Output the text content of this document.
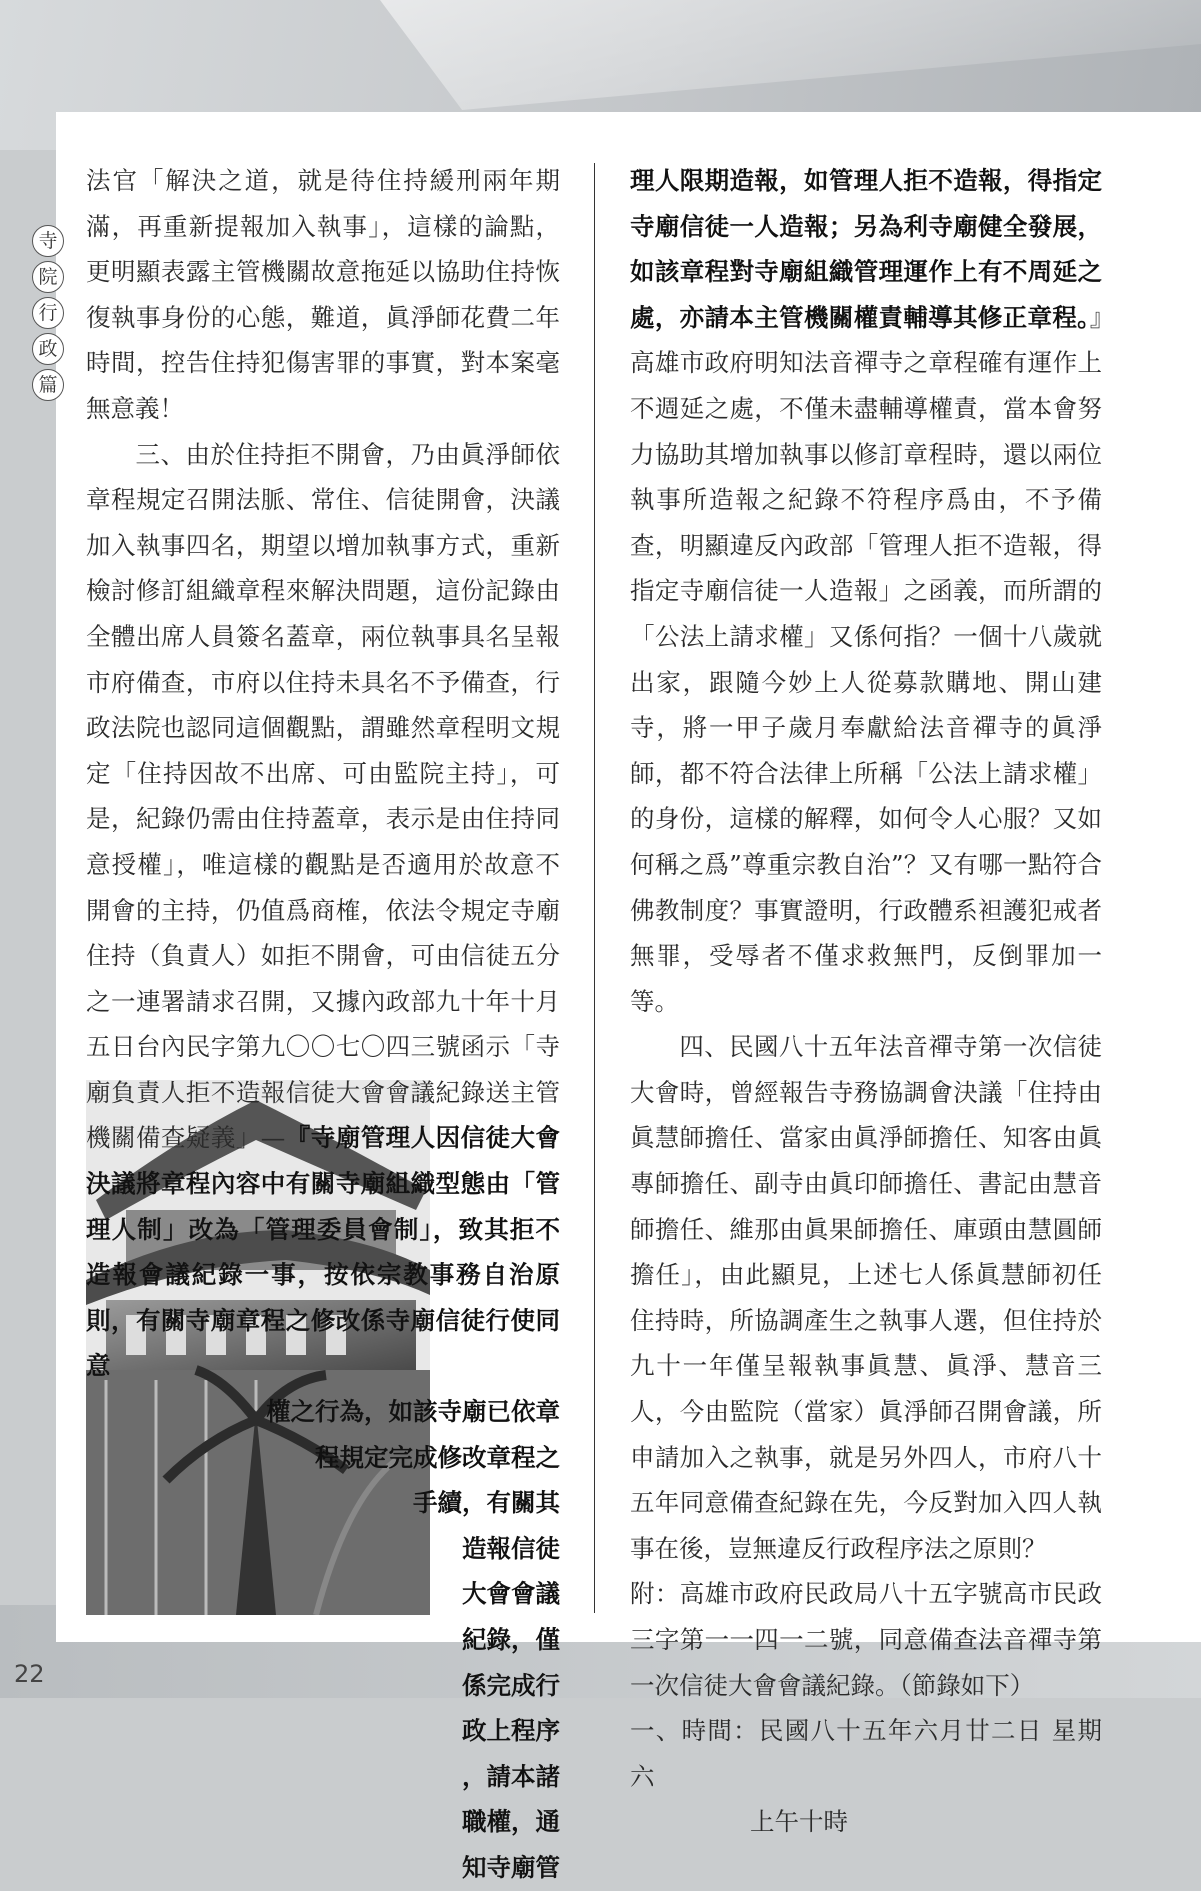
寺
院
行
政
篇

法官「解決之道，就是待住持緩刑兩年期滿，再重新提報加入執事」，這樣的論點，更明顯表露主管機關故意拖延以協助住持恢復執事身份的心態，難道，眞淨師花費二年時間，控告住持犯傷害罪的事實，對本案毫無意義！

三、由於住持拒不開會，乃由眞淨師依章程規定召開法脈、常住、信徒開會，決議加入執事四名，期望以增加執事方式，重新檢討修訂組織章程來解決問題，這份記錄由全體出席人員簽名蓋章，兩位執事具名呈報市府備查，市府以住持未具名不予備查，行政法院也認同這個觀點，謂雖然章程明文規定「住持因故不出席、可由監院主持」，可是，紀錄仍需由住持蓋章，表示是由住持同意授權」，唯這樣的觀點是否適用於故意不開會的主持，仍值爲商榷，依法令規定寺廟住持（負責人）如拒不開會，可由信徒五分之一連署請求召開，又據內政部九十年十月五日台內民字第九〇〇七〇四三號函示「寺廟負責人拒不造報信徒大會會議紀錄送主管機關備查疑義」—『寺廟管理人因信徒大會決議將章程內容中有關寺廟組織型態由「管理人制」改為「管理委員會制」，致其拒不造報會議紀錄一事，按依宗教事務自治原則，有關寺廟章程之修改係寺廟信徒行使同意

權之行為，如該寺廟已依章

程規定完成修改章程之

手續，有關其

造報信徒

大會會議

紀錄，僅

係完成行

政上程序

，請本諸

職權，通

知寺廟管

理人限期造報，如管理人拒不造報，得指定寺廟信徒一人造報；另為利寺廟健全發展，如該章程對寺廟組織管理運作上有不周延之處，亦請本主管機關權責輔導其修正章程。』高雄市政府明知法音禪寺之章程確有運作上不週延之處，不僅未盡輔導權責，當本會努力協助其增加執事以修訂章程時，還以兩位執事所造報之紀錄不符程序爲由，不予備查，明顯違反內政部「管理人拒不造報，得指定寺廟信徒一人造報」之函義，而所謂的「公法上請求權」又係何指？一個十八歲就出家，跟隨今妙上人從募款購地、開山建寺，將一甲子歲月奉獻給法音禪寺的眞淨師，都不符合法律上所稱「公法上請求權」的身份，這樣的解釋，如何令人心服？又如何稱之爲”尊重宗教自治”？又有哪一點符合佛教制度？事實證明，行政體系袒護犯戒者無罪，受辱者不僅求救無門，反倒罪加一等。

四、民國八十五年法音禪寺第一次信徒大會時，曾經報告寺務協調會決議「住持由眞慧師擔任、當家由眞淨師擔任、知客由眞專師擔任、副寺由眞印師擔任、書記由慧音師擔任、維那由眞果師擔任、庫頭由慧圓師擔任」，由此顯見，上述七人係眞慧師初任住持時，所協調產生之執事人選，但住持於九十一年僅呈報執事眞慧、眞淨、慧音三人，今由監院（當家）眞淨師召開會議，所申請加入之執事，就是另外四人，市府八十五年同意備查紀錄在先，今反對加入四人執事在後，豈無違反行政程序法之原則？

附：高雄市政府民政局八十五字號高市民政三字第一一四一二號，同意備查法音禪寺第一次信徒大會會議紀錄。（節錄如下）

一、時間：民國八十五年六月廿二日 星期六

上午十時

22
